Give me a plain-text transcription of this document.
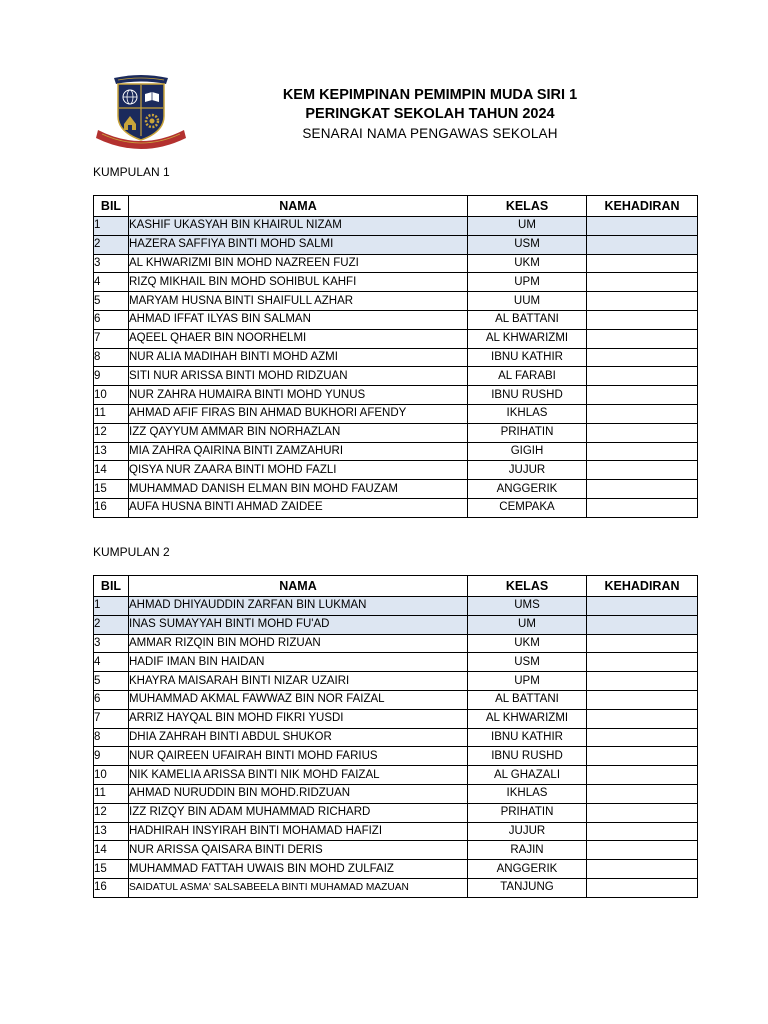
KEM KEPIMPINAN PEMIMPIN MUDA SIRI 1
PERINGKAT SEKOLAH TAHUN 2024
SENARAI NAMA PENGAWAS SEKOLAH
KUMPULAN 1
BIL	NAMA	KELAS	KEHADIRAN
1	KASHIF UKASYAH BIN KHAIRUL NIZAM	UM	
2	HAZERA SAFFIYA BINTI MOHD SALMI	USM	
3	AL KHWARIZMI BIN MOHD NAZREEN FUZI	UKM	
4	RIZQ MIKHAIL BIN MOHD SOHIBUL KAHFI	UPM	
5	MARYAM HUSNA BINTI SHAIFULL AZHAR	UUM	
6	AHMAD IFFAT ILYAS BIN SALMAN	AL BATTANI	
7	AQEEL QHAER BIN NOORHELMI	AL KHWARIZMI	
8	NUR ALIA MADIHAH BINTI MOHD AZMI	IBNU KATHIR	
9	SITI NUR ARISSA BINTI MOHD RIDZUAN	AL FARABI	
10	NUR ZAHRA HUMAIRA BINTI MOHD YUNUS	IBNU RUSHD	
11	AHMAD AFIF FIRAS BIN AHMAD BUKHORI AFENDY	IKHLAS	
12	IZZ QAYYUM AMMAR BIN NORHAZLAN	PRIHATIN	
13	MIA ZAHRA QAIRINA BINTI ZAMZAHURI	GIGIH	
14	QISYA NUR ZAARA BINTI MOHD FAZLI	JUJUR	
15	MUHAMMAD DANISH ELMAN BIN MOHD FAUZAM	ANGGERIK	
16	AUFA HUSNA BINTI AHMAD ZAIDEE	CEMPAKA	
KUMPULAN 2
BIL	NAMA	KELAS	KEHADIRAN
1	AHMAD DHIYAUDDIN ZARFAN BIN LUKMAN	UMS	
2	INAS SUMAYYAH BINTI MOHD FU'AD	UM	
3	AMMAR RIZQIN BIN MOHD RIZUAN	UKM	
4	HADIF IMAN BIN HAIDAN	USM	
5	KHAYRA MAISARAH BINTI NIZAR UZAIRI	UPM	
6	MUHAMMAD AKMAL FAWWAZ BIN NOR FAIZAL	AL BATTANI	
7	ARRIZ HAYQAL BIN MOHD FIKRI YUSDI	AL KHWARIZMI	
8	DHIA ZAHRAH BINTI ABDUL SHUKOR	IBNU KATHIR	
9	NUR QAIREEN UFAIRAH BINTI MOHD FARIUS	IBNU RUSHD	
10	NIK KAMELIA ARISSA BINTI NIK MOHD FAIZAL	AL GHAZALI	
11	AHMAD NURUDDIN BIN MOHD.RIDZUAN	IKHLAS	
12	IZZ RIZQY BIN ADAM MUHAMMAD RICHARD	PRIHATIN	
13	HADHIRAH INSYIRAH BINTI MOHAMAD HAFIZI	JUJUR	
14	NUR ARISSA QAISARA BINTI DERIS	RAJIN	
15	MUHAMMAD FATTAH UWAIS BIN MOHD ZULFAIZ	ANGGERIK	
16	SAIDATUL ASMA' SALSABEELA BINTI MUHAMAD MAZUAN	TANJUNG	
